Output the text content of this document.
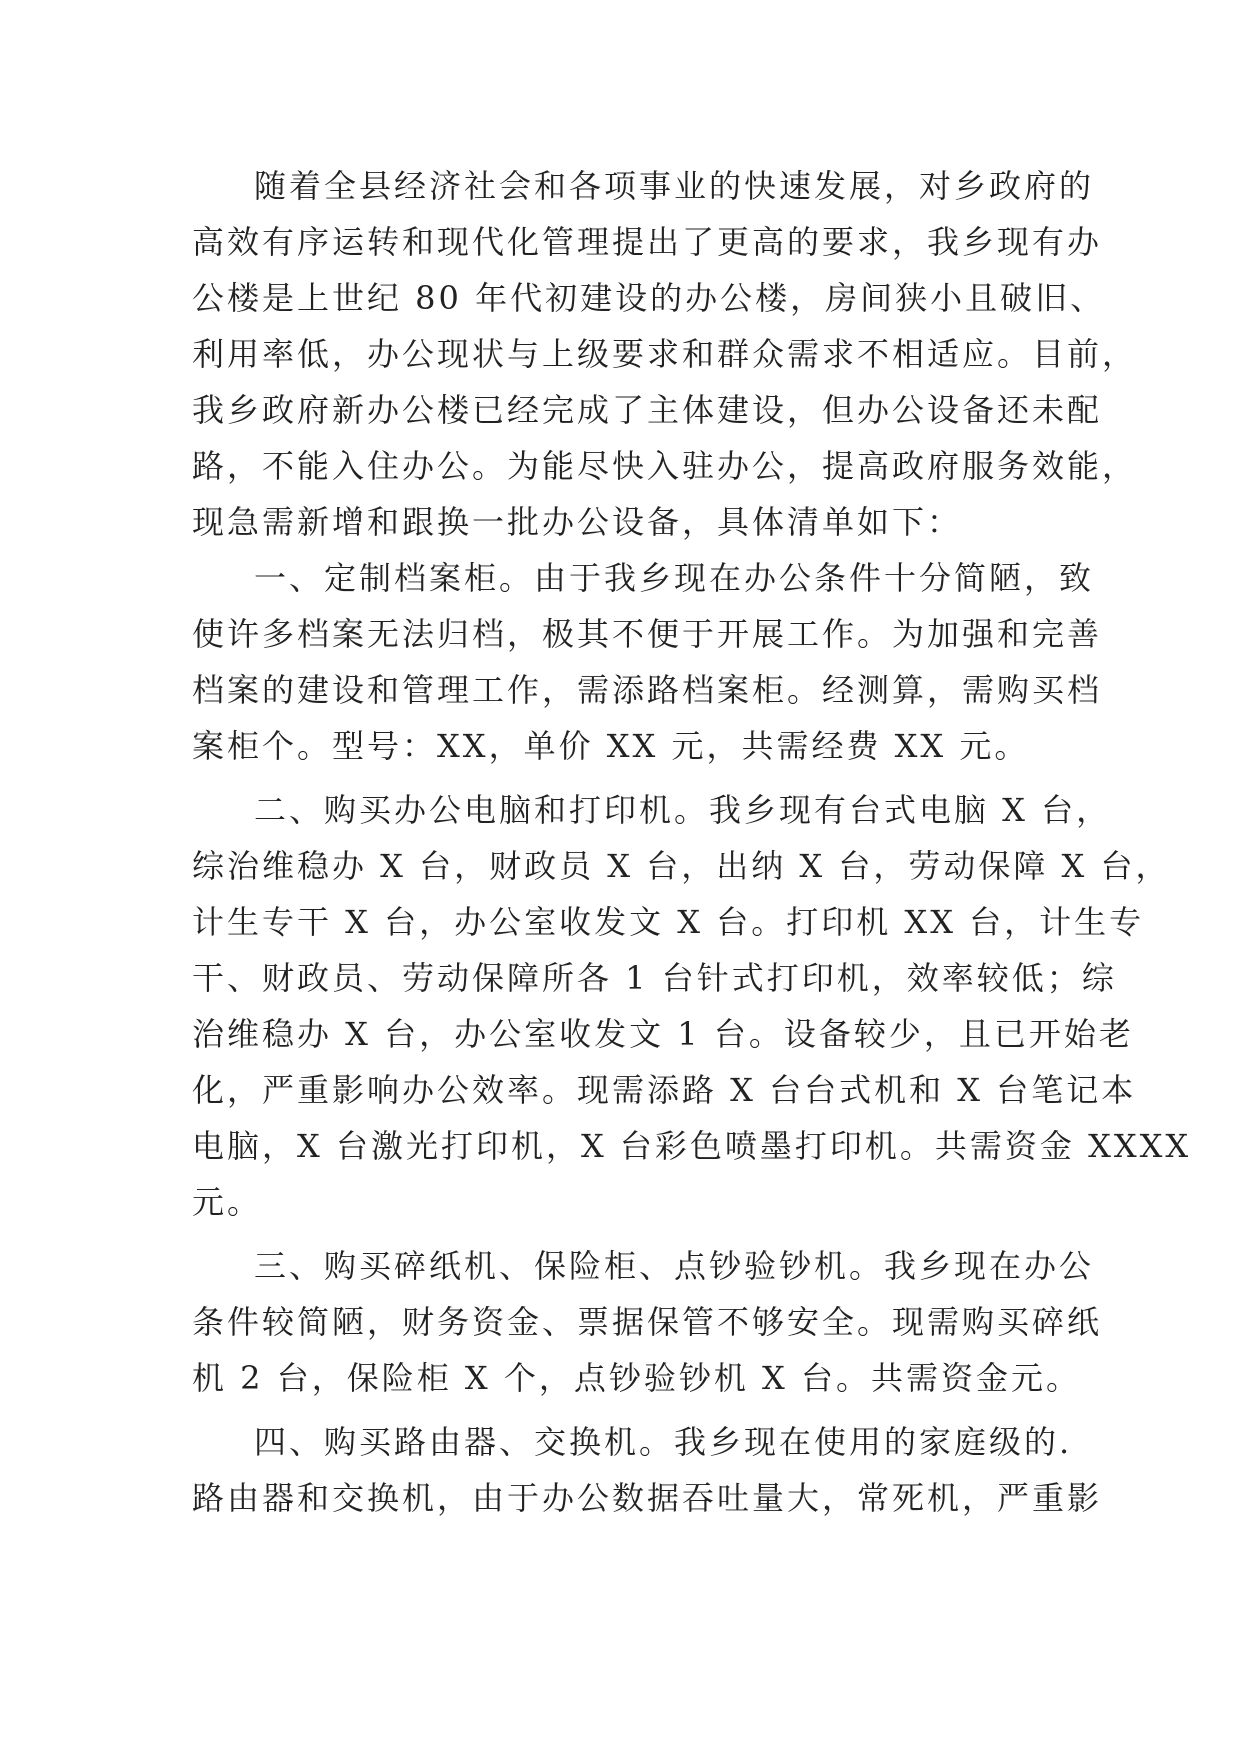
随着全县经济社会和各项事业的快速发展，对乡政府的
高效有序运转和现代化管理提出了更高的要求，我乡现有办
公楼是上世纪 80 年代初建设的办公楼，房间狭小且破旧、
利用率低，办公现状与上级要求和群众需求不相适应。目前，
我乡政府新办公楼已经完成了主体建设，但办公设备还未配
路，不能入住办公。为能尽快入驻办公，提高政府服务效能，
现急需新增和跟换一批办公设备，具体清单如下：
一、定制档案柜。由于我乡现在办公条件十分简陋，致
使许多档案无法归档，极其不便于开展工作。为加强和完善
档案的建设和管理工作，需添路档案柜。经测算，需购买档
案柜个。型号：XX，单价 XX 元，共需经费 XX 元。
二、购买办公电脑和打印机。我乡现有台式电脑 X 台，
综治维稳办 X 台，财政员 X 台，出纳 X 台，劳动保障 X 台，
计生专干 X 台，办公室收发文 X 台。打印机 XX 台，计生专
干、财政员、劳动保障所各 1 台针式打印机，效率较低；综
治维稳办 X 台，办公室收发文 1 台。设备较少，且已开始老
化，严重影响办公效率。现需添路 X 台台式机和 X 台笔记本
电脑，X 台激光打印机，X 台彩色喷墨打印机。共需资金 XXXX
元。
三、购买碎纸机、保险柜、点钞验钞机。我乡现在办公
条件较简陋，财务资金、票据保管不够安全。现需购买碎纸
机 2 台，保险柜 X 个，点钞验钞机 X 台。共需资金元。
四、购买路由器、交换机。我乡现在使用的家庭级的.
路由器和交换机，由于办公数据吞吐量大，常死机，严重影
